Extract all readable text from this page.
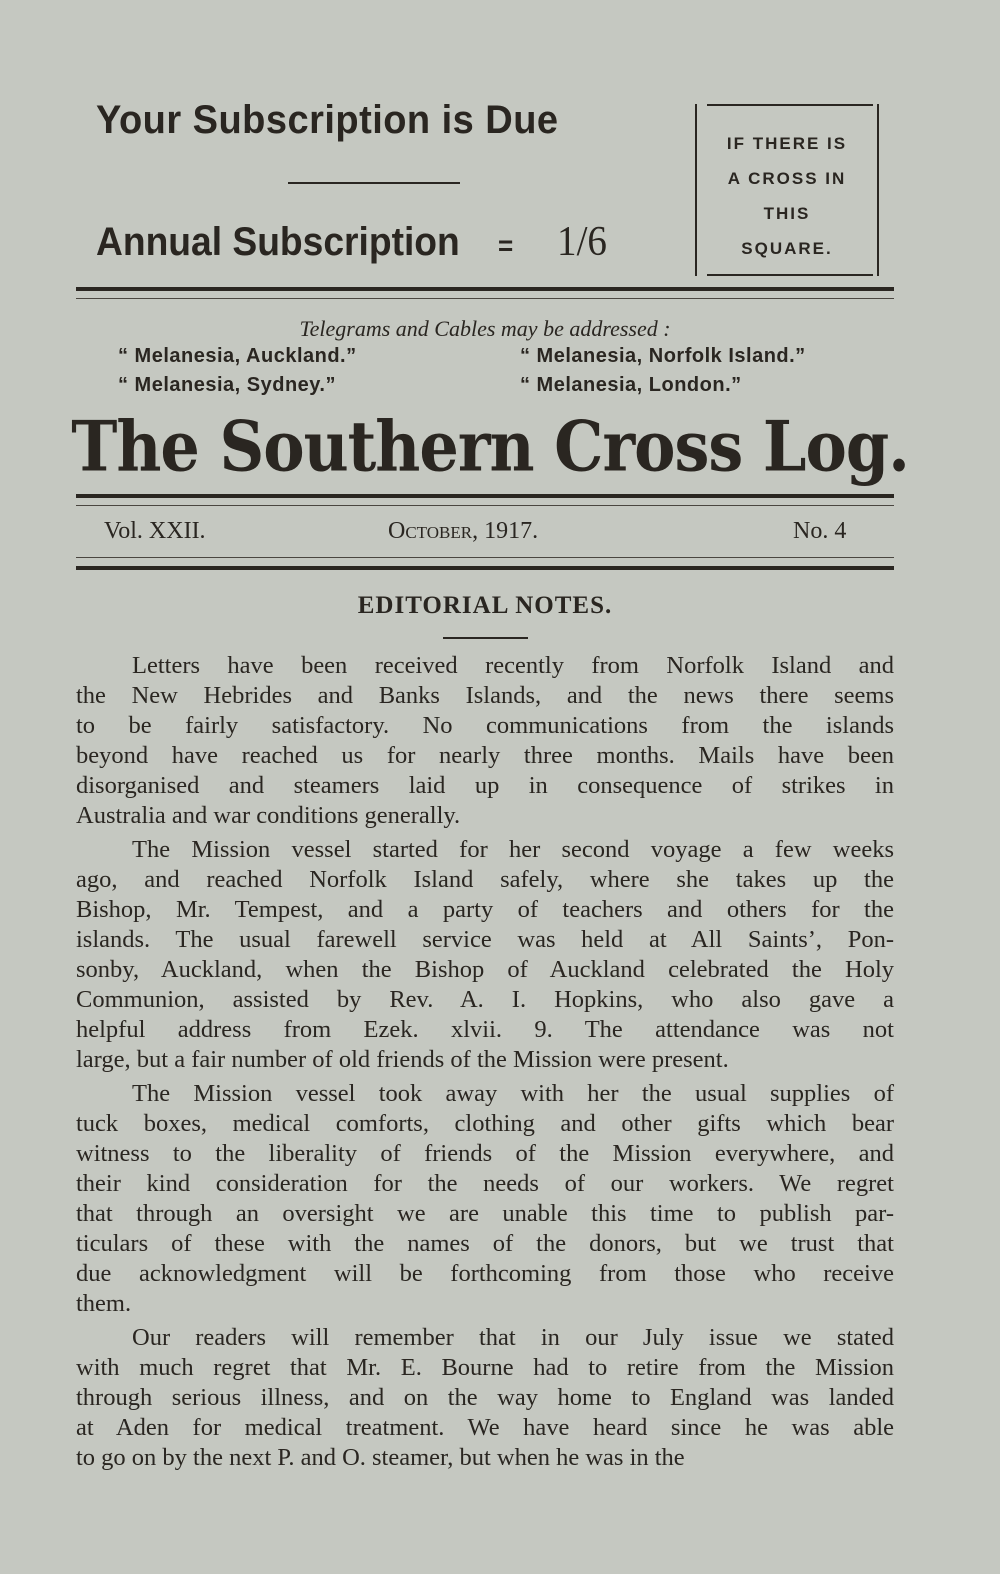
Your Subscription is Due
Annual Subscription = 1/6
IF THERE IS
A CROSS IN
THIS
SQUARE.
Telegrams and Cables may be addressed :
“ Melanesia, Auckland.”	“ Melanesia, Norfolk Island.”
“ Melanesia, Sydney.”	“ Melanesia, London.”
The Southern Cross Log.
Vol. XXII.	October, 1917.	No. 4
EDITORIAL NOTES.
Letters have been received recently from Norfolk Island and
the New Hebrides and Banks Islands, and the news there seems
to be fairly satisfactory. No communications from the islands
beyond have reached us for nearly three months. Mails have been
disorganised and steamers laid up in consequence of strikes in
Australia and war conditions generally.
The Mission vessel started for her second voyage a few weeks
ago, and reached Norfolk Island safely, where she takes up the
Bishop, Mr. Tempest, and a party of teachers and others for the
islands. The usual farewell service was held at All Saints’, Pon-
sonby, Auckland, when the Bishop of Auckland celebrated the Holy
Communion, assisted by Rev. A. I. Hopkins, who also gave a
helpful address from Ezek. xlvii. 9. The attendance was not
large, but a fair number of old friends of the Mission were present.
The Mission vessel took away with her the usual supplies of
tuck boxes, medical comforts, clothing and other gifts which bear
witness to the liberality of friends of the Mission everywhere, and
their kind consideration for the needs of our workers. We regret
that through an oversight we are unable this time to publish par-
ticulars of these with the names of the donors, but we trust that
due acknowledgment will be forthcoming from those who receive
them.
Our readers will remember that in our July issue we stated
with much regret that Mr. E. Bourne had to retire from the Mission
through serious illness, and on the way home to England was landed
at Aden for medical treatment. We have heard since he was able
to go on by the next P. and O. steamer, but when he was in the
